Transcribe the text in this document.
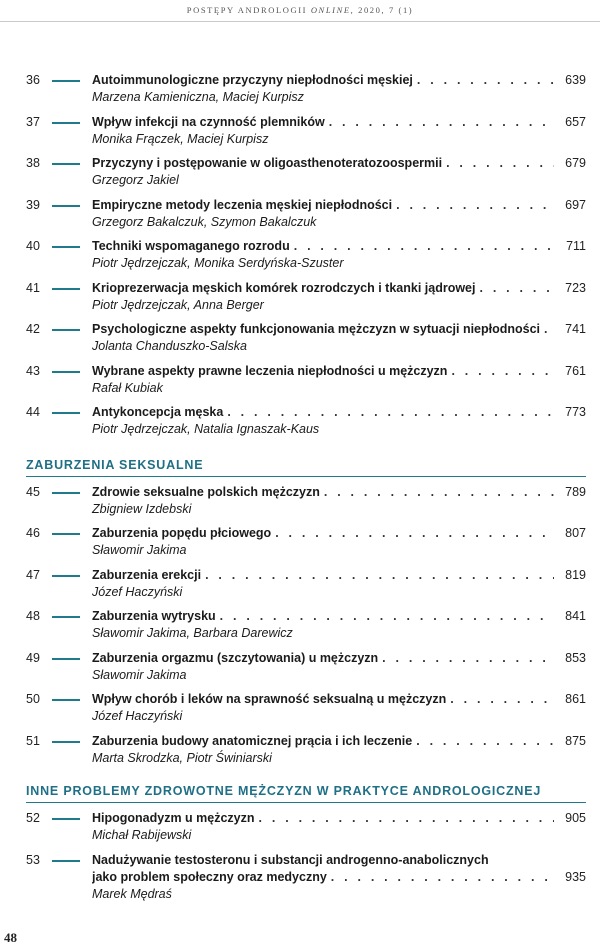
POSTĘPY ANDROLOGII ONLINE, 2020, 7 (1)
36	Autoimmunologiczne przyczyny niepłodności męskiej . . .	639
Marzena Kamieniczna, Maciej Kurpisz
37	Wpływ infekcji na czynność plemników . . .	657
Monika Frączek, Maciej Kurpisz
38	Przyczyny i postępowanie w oligoasthenoteratozoospermii . . .	679
Grzegorz Jakiel
39	Empiryczne metody leczenia męskiej niepłodności . . .	697
Grzegorz Bakalczuk, Szymon Bakalczuk
40	Techniki wspomaganego rozrodu . . .	711
Piotr Jędrzejczak, Monika Serdyńska-Szuster
41	Krioprezerwacja męskich komórek rozrodczych i tkanki jądrowej . . .	723
Piotr Jędrzejczak, Anna Berger
42	Psychologiczne aspekty funkcjonowania mężczyzn w sytuacji niepłodności . . . 741
Jolanta Chanduszko-Salska
43	Wybrane aspekty prawne leczenia niepłodności u mężczyzn . . .	761
Rafał Kubiak
44	Antykoncepcja męska . . .	773
Piotr Jędrzejczak, Natalia Ignaszak-Kaus
ZABURZENIA SEKSUALNE
45	Zdrowie seksualne polskich mężczyzn . . .	789
Zbigniew Izdebski
46	Zaburzenia popędu płciowego . . .	807
Sławomir Jakima
47	Zaburzenia erekcji . . .	819
Józef Haczyński
48	Zaburzenia wytrysku . . .	841
Sławomir Jakima, Barbara Darewicz
49	Zaburzenia orgazmu (szczytowania) u mężczyzn . . .	853
Sławomir Jakima
50	Wpływ chorób i leków na sprawność seksualną u mężczyzn . . .	861
Józef Haczyński
51	Zaburzenia budowy anatomicznej prącia i ich leczenie . . .	875
Marta Skrodzka, Piotr Świniarski
INNE PROBLEMY ZDROWOTNE MĘŻCZYZN W PRAKTYCE ANDROLOGICZNEJ
52	Hipogonadyzm u mężczyzn . . .	905
Michał Rabijewski
53	Nadużywanie testosteronu i substancji androgenno-anabolicznych
jako problem społeczny oraz medyczny . . .	935
Marek Mędraś
48
